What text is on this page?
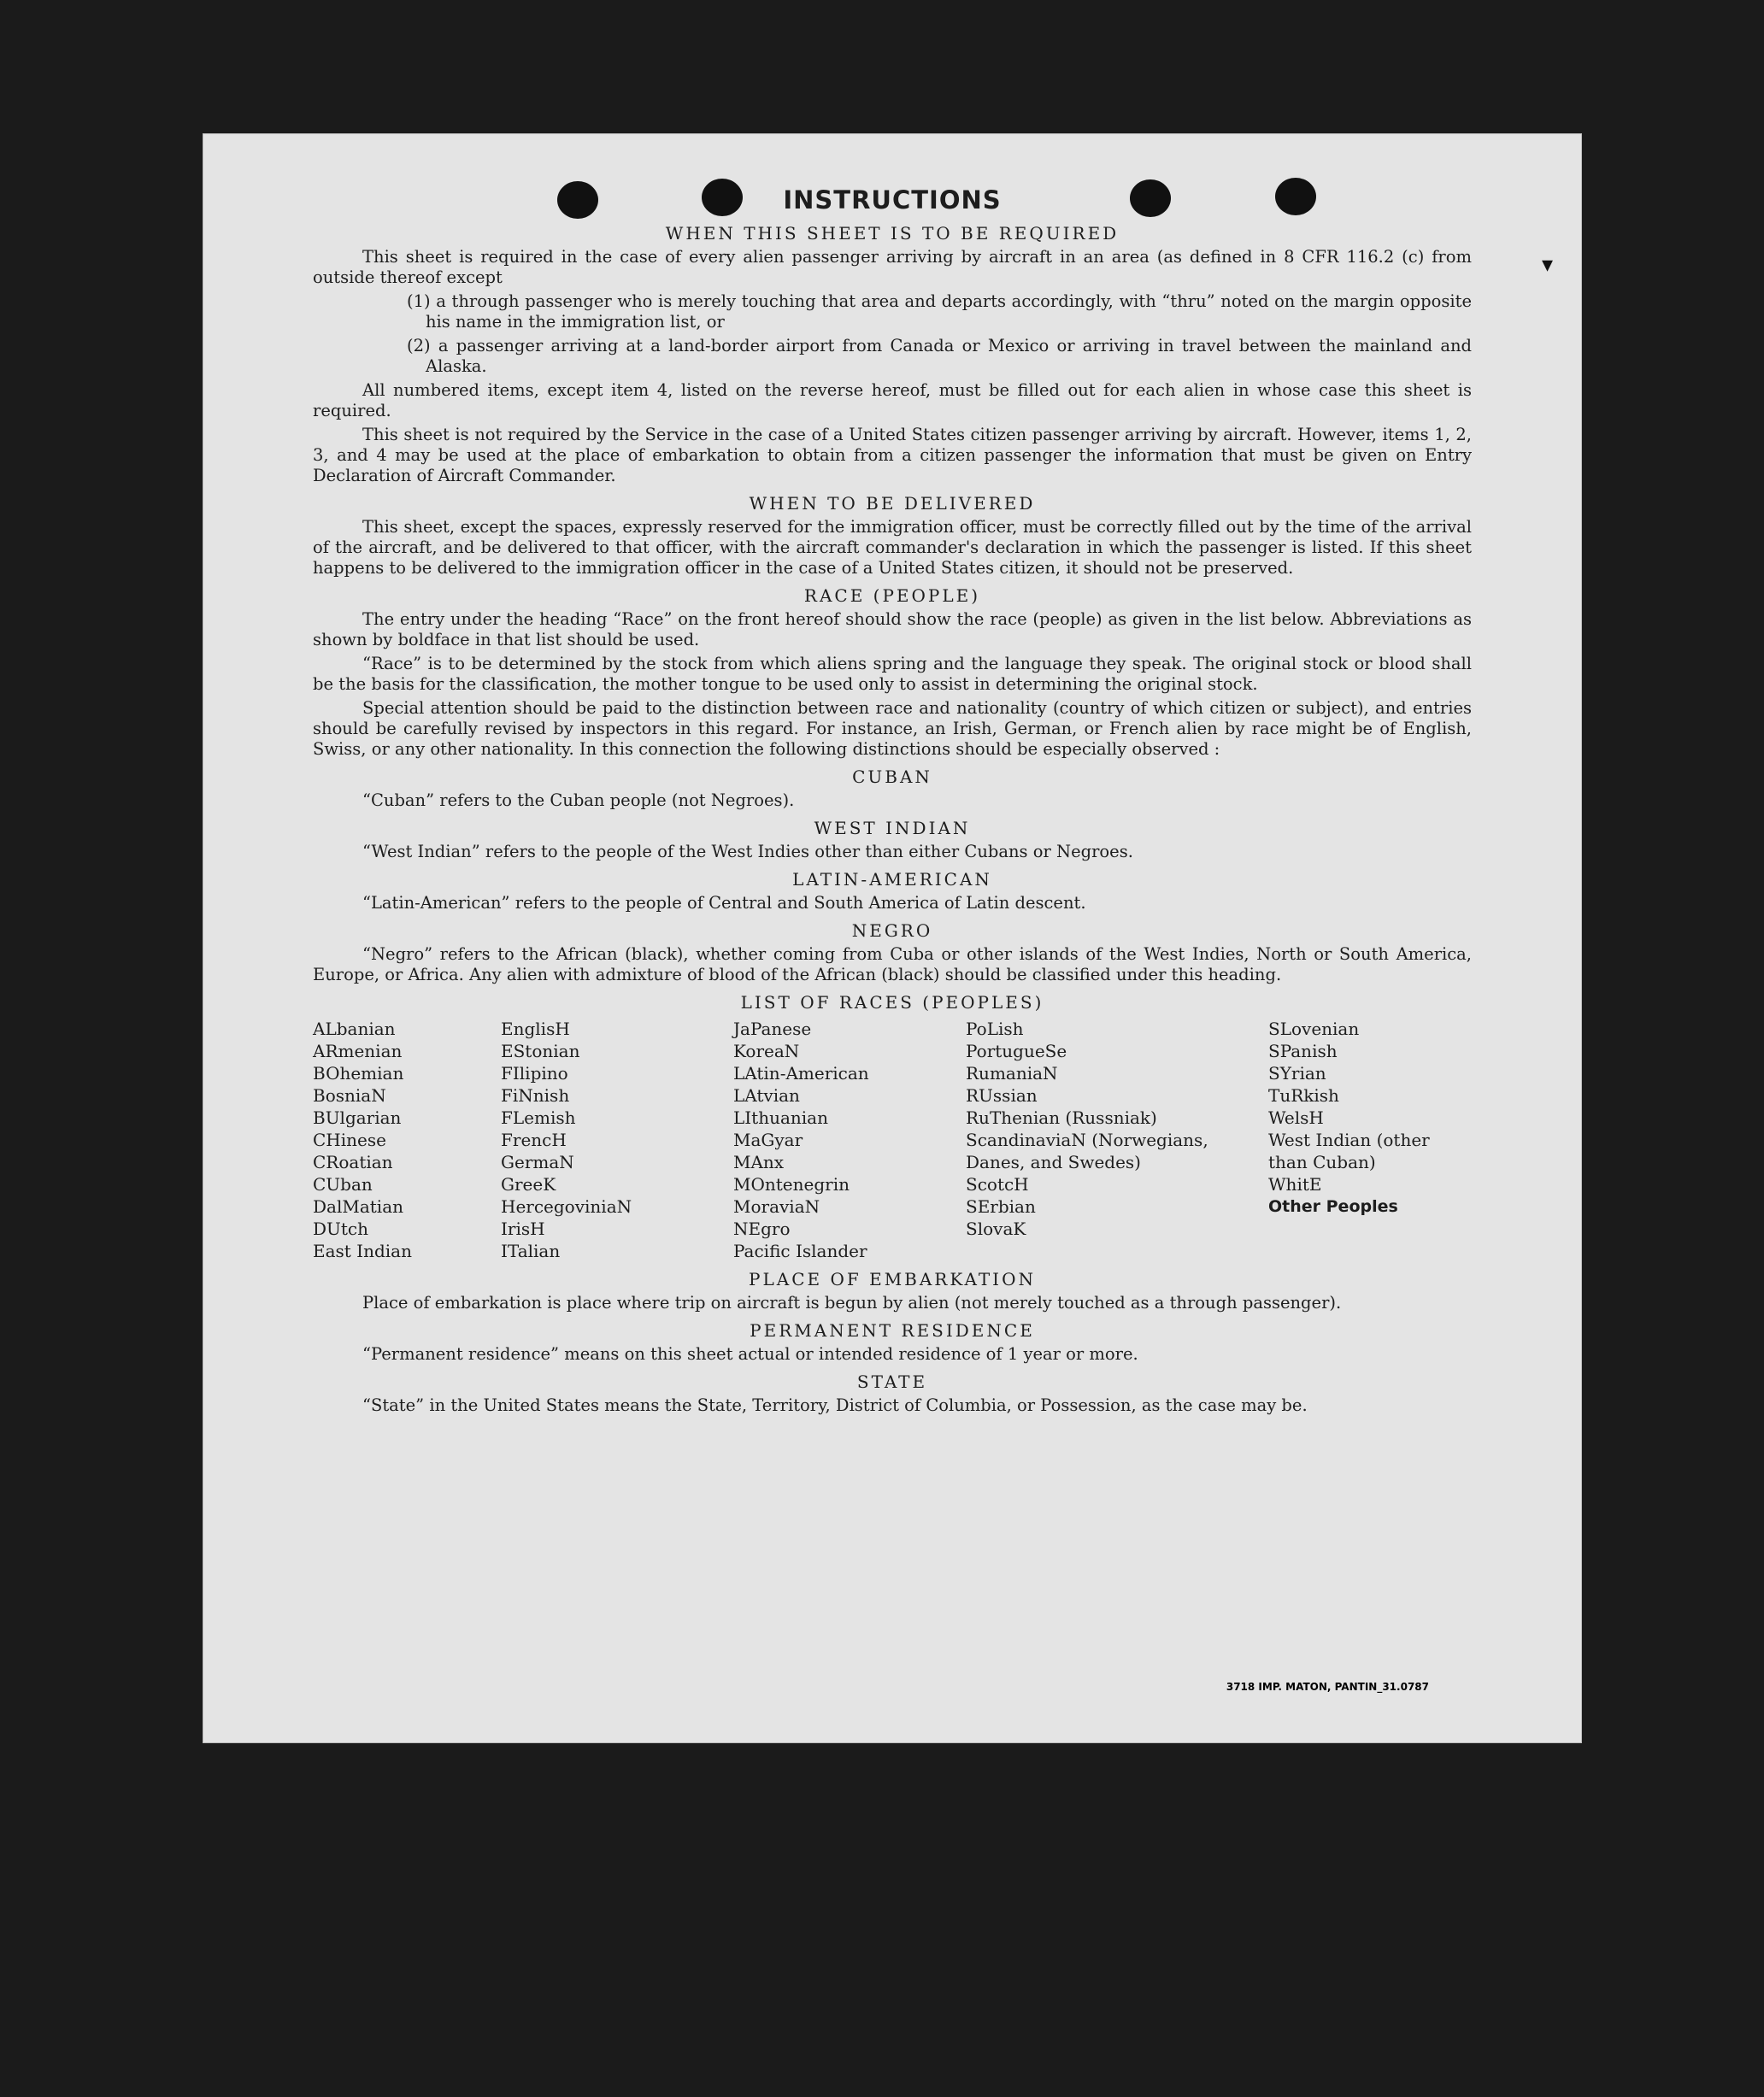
▾
INSTRUCTIONS
WHEN THIS SHEET IS TO BE REQUIRED

This sheet is required in the case of every alien passenger arriving by aircraft in an area (as defined in 8 CFR 116.2 (c) from outside thereof except

(1) a through passenger who is merely touching that area and departs accordingly, with “thru” noted on the margin opposite his name in the immigration list, or

(2) a passenger arriving at a land-border airport from Canada or Mexico or arriving in travel between the mainland and Alaska.

All numbered items, except item 4, listed on the reverse hereof, must be filled out for each alien in whose case this sheet is required.

This sheet is not required by the Service in the case of a United States citizen passenger arriving by aircraft. However, items 1, 2, 3, and 4 may be used at the place of embarkation to obtain from a citizen passenger the information that must be given on Entry Declaration of Aircraft Commander.

WHEN TO BE DELIVERED

This sheet, except the spaces, expressly reserved for the immigration officer, must be correctly filled out by the time of the arrival of the aircraft, and be delivered to that officer, with the aircraft commander's declaration in which the passenger is listed. If this sheet happens to be delivered to the immigration officer in the case of a United States citizen, it should not be preserved.

RACE (PEOPLE)

The entry under the heading “Race” on the front hereof should show the race (people) as given in the list below. Abbreviations as shown by boldface in that list should be used.

“Race” is to be determined by the stock from which aliens spring and the language they speak. The original stock or blood shall be the basis for the classification, the mother tongue to be used only to assist in determining the original stock.

Special attention should be paid to the distinction between race and nationality (country of which citizen or subject), and entries should be carefully revised by inspectors in this regard. For instance, an Irish, German, or French alien by race might be of English, Swiss, or any other nationality. In this connection the following distinctions should be especially observed :

CUBAN

“Cuban” refers to the Cuban people (not Negroes).

WEST INDIAN

“West Indian” refers to the people of the West Indies other than either Cubans or Negroes.

LATIN-AMERICAN

“Latin-American” refers to the people of Central and South America of Latin descent.

NEGRO

“Negro” refers to the African (black), whether coming from Cuba or other islands of the West Indies, North or South America, Europe, or Africa. Any alien with admixture of blood of the African (black) should be classified under this heading.

LIST OF RACES (PEOPLES)
ALbanian
ARmenian
BOhemian
BosniaN
BUlgarian
CHinese
CRoatian
CUban
DalMatian
DUtch
East Indian
EnglisH
EStonian
FIlipino
FiNnish
FLemish
FrencH
GermaN
GreeK
HercegoviniaN
IrisH
ITalian
JaPanese
KoreaN
LAtin-American
LAtvian
LIthuanian
MaGyar
MAnx
MOntenegrin
MoraviaN
NEgro
Pacific Islander
PoLish
PortugueSe
RumaniaN
RUssian
RuThenian (Russniak)
ScandinaviaN (Norwegians, Danes, and Swedes)
ScotcH
SErbian
SlovaK
SLovenian
SPanish
SYrian
TuRkish
WelsH
West Indian (other than Cuban)
WhitE
Other Peoples
PLACE OF EMBARKATION

Place of embarkation is place where trip on aircraft is begun by alien (not merely touched as a through passenger).

PERMANENT RESIDENCE

“Permanent residence” means on this sheet actual or intended residence of 1 year or more.

STATE

“State” in the United States means the State, Territory, District of Columbia, or Possession, as the case may be.

3718 IMP. MATON, PANTIN_31.0787
